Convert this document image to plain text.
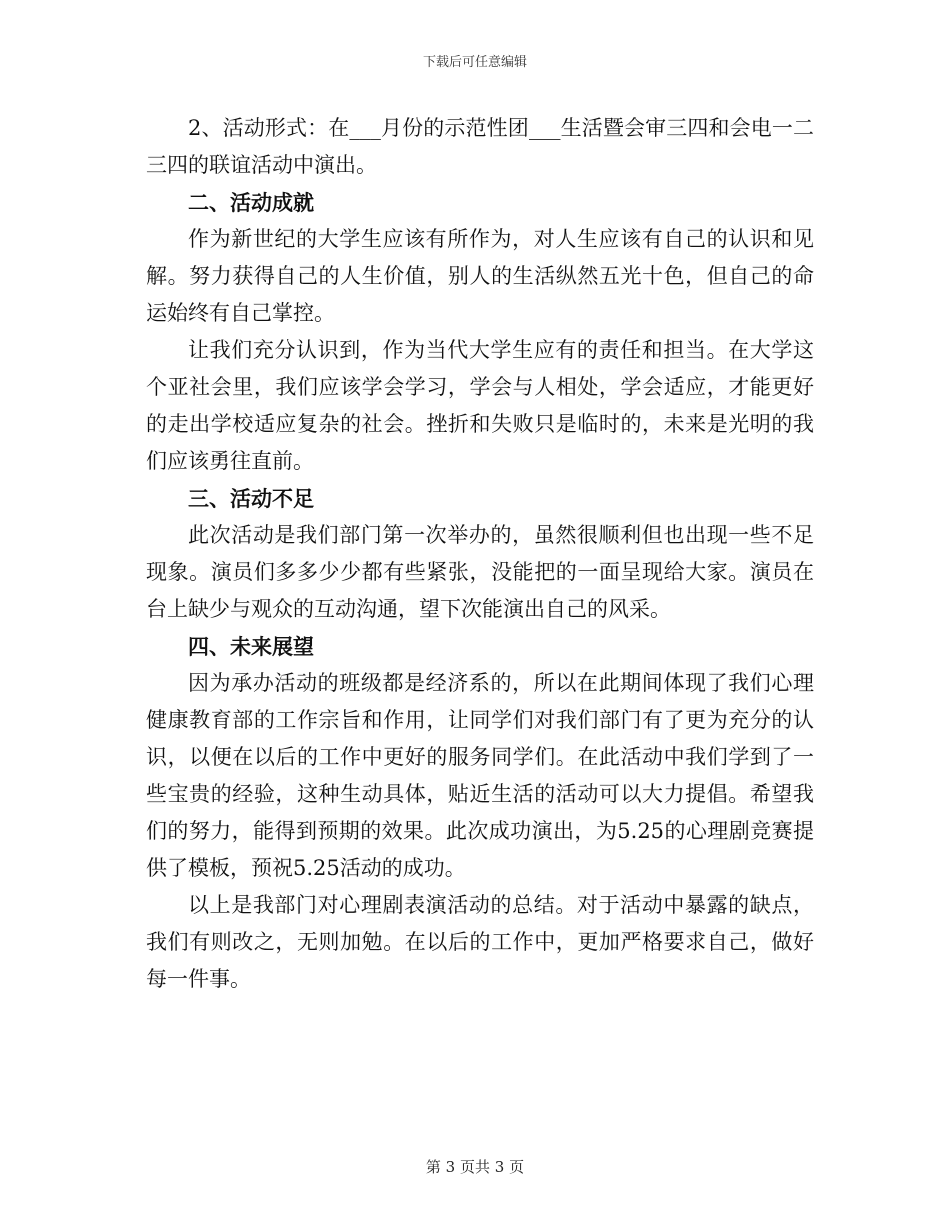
下载后可任意编辑

2、活动形式：在___月份的示范性团___生活暨会审三四和会电一二三四的联谊活动中演出。

二、活动成就

作为新世纪的大学生应该有所作为，对人生应该有自己的认识和见解。努力获得自己的人生价值，别人的生活纵然五光十色，但自己的命运始终有自己掌控。

让我们充分认识到，作为当代大学生应有的责任和担当。在大学这个亚社会里，我们应该学会学习，学会与人相处，学会适应，才能更好的走出学校适应复杂的社会。挫折和失败只是临时的，未来是光明的我们应该勇往直前。

三、活动不足

此次活动是我们部门第一次举办的，虽然很顺利但也出现一些不足现象。演员们多多少少都有些紧张，没能把的一面呈现给大家。演员在台上缺少与观众的互动沟通，望下次能演出自己的风采。

四、未来展望

因为承办活动的班级都是经济系的，所以在此期间体现了我们心理健康教育部的工作宗旨和作用，让同学们对我们部门有了更为充分的认识，以便在以后的工作中更好的服务同学们。在此活动中我们学到了一些宝贵的经验，这种生动具体，贴近生活的活动可以大力提倡。希望我们的努力，能得到预期的效果。此次成功演出，为5.25的心理剧竞赛提供了模板，预祝5.25活动的成功。

以上是我部门对心理剧表演活动的总结。对于活动中暴露的缺点，我们有则改之，无则加勉。在以后的工作中，更加严格要求自己，做好每一件事。

第 3 页共 3 页
